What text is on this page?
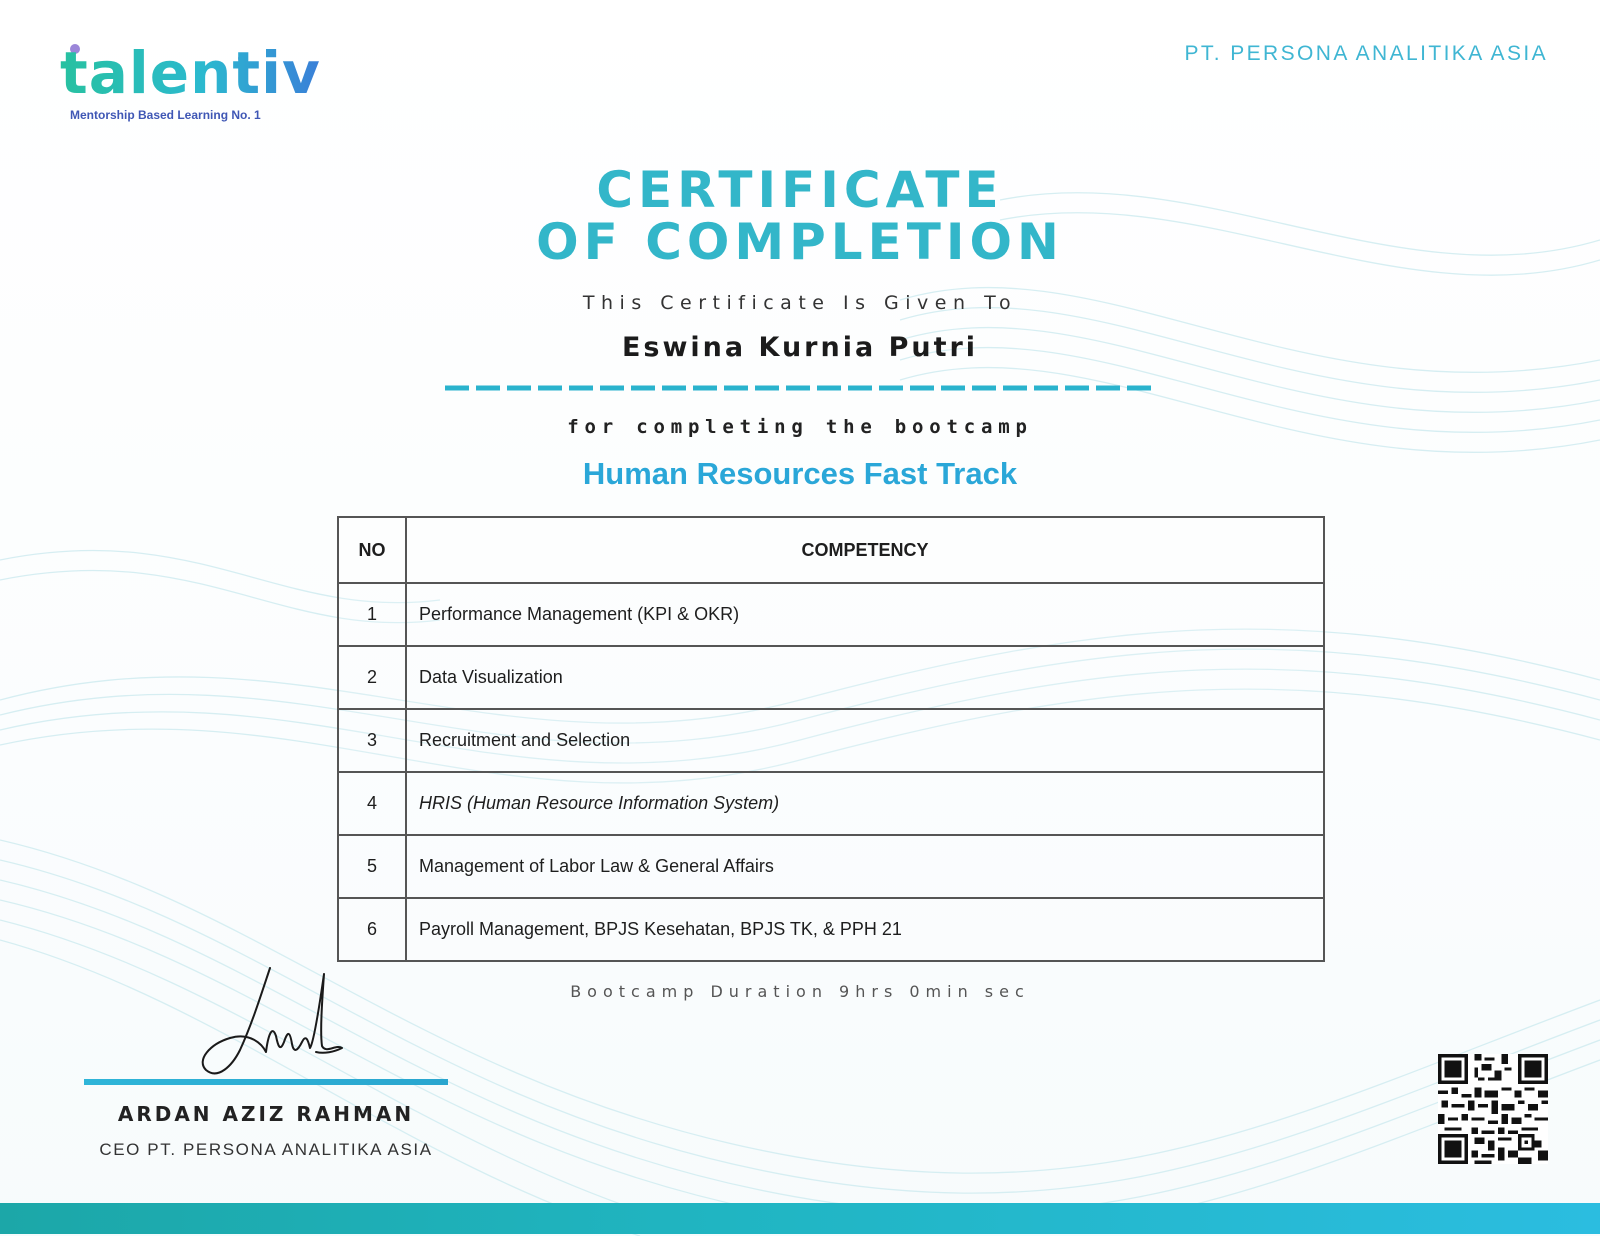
talentiv
Mentorship Based Learning No. 1
PT. PERSONA ANALITIKA ASIA
CERTIFICATE
OF COMPLETION
This Certificate Is Given To
Eswina Kurnia Putri
for completing the bootcamp
Human Resources Fast Track
NO	COMPETENCY
1	Performance Management (KPI & OKR)
2	Data Visualization
3	Recruitment and Selection
4	HRIS (Human Resource Information System)
5	Management of Labor Law & General Affairs
6	Payroll Management, BPJS Kesehatan, BPJS TK, & PPH 21
Bootcamp Duration 9hrs 0min sec
ARDAN AZIZ RAHMAN
CEO PT. PERSONA ANALITIKA ASIA
